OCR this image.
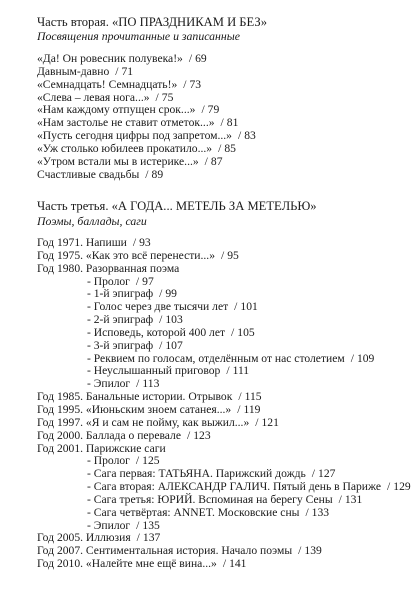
Часть вторая. «ПО ПРАЗДНИКАМ И БЕЗ»
Посвящения прочитанные и записанные
«Да! Он ровесник полувека!» / 69
Давным-давно / 71
«Семнадцать! Семнадцать!» / 73
«Слева – левая нога...» / 75
«Нам каждому отпущен срок...» / 79
«Нам застолье не ставит отметок...» / 81
«Пусть сегодня цифры под запретом...» / 83
«Уж столько юбилеев прокатило...» / 85
«Утром встали мы в истерике...» / 87
Счастливые свадьбы / 89
Часть третья. «А ГОДА... МЕТЕЛЬ ЗА МЕТЕЛЬЮ»
Поэмы, баллады, саги
Год 1971. Напиши / 93
Год 1975. «Как это всё перенести...» / 95
Год 1980. Разорванная поэма
- Пролог / 97
- 1-й эпиграф / 99
- Голос через две тысячи лет / 101
- 2-й эпиграф / 103
- Исповедь, которой 400 лет / 105
- 3-й эпиграф / 107
- Реквием по голосам, отделённым от нас столетием / 109
- Неуслышанный приговор / 111
- Эпилог / 113
Год 1985. Банальные истории. Отрывок / 115
Год 1995. «Июньским зноем сатанея...» / 119
Год 1997. «Я и сам не пойму, как выжил...» / 121
Год 2000. Баллада о перевале / 123
Год 2001. Парижские саги
- Пролог / 125
- Сага первая: ТАТЬЯНА. Парижский дождь / 127
- Сага вторая: АЛЕКСАНДР ГАЛИЧ. Пятый день в Париже / 129
- Сага третья: ЮРИЙ. Вспоминая на берегу Сены / 131
- Сага четвёртая: ANNET. Московские сны / 133
- Эпилог / 135
Год 2005. Иллюзия / 137
Год 2007. Сентиментальная история. Начало поэмы / 139
Год 2010. «Налейте мне ещё вина...» / 141
